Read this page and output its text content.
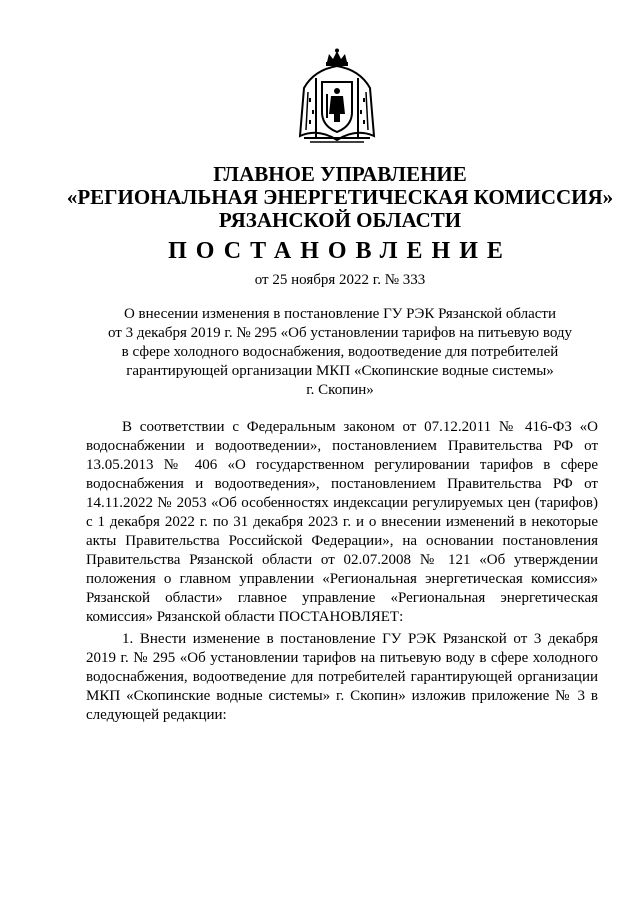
ГЛАВНОЕ УПРАВЛЕНИЕ
«РЕГИОНАЛЬНАЯ ЭНЕРГЕТИЧЕСКАЯ КОМИССИЯ»
РЯЗАНСКОЙ ОБЛАСТИ
ПОСТАНОВЛЕНИЕ
от 25 ноября 2022 г. № 333
О внесении изменения в постановление ГУ РЭК Рязанской области
от 3 декабря 2019 г. № 295 «Об установлении тарифов на питьевую воду
в сфере холодного водоснабжения, водоотведение для потребителей
гарантирующей организации МКП «Скопинские водные системы»
г. Скопин»
В соответствии с Федеральным законом от 07.12.2011 № 416-ФЗ «О водоснабжении и водоотведении», постановлением Правительства РФ от 13.05.2013 № 406 «О государственном регулировании тарифов в сфере водоснабжения и водоотведения», постановлением Правительства РФ от 14.11.2022 № 2053 «Об особенностях индексации регулируемых цен (тарифов) с 1 декабря 2022 г. по 31 декабря 2023 г. и о внесении изменений в некоторые акты Правительства Российской Федерации», на основании постановления Правительства Рязанской области от 02.07.2008 № 121 «Об утверждении положения о главном управлении «Региональная энергетическая комиссия» Рязанской области» главное управление «Региональная энергетическая комиссия» Рязанской области ПОСТАНОВЛЯЕТ:
1. Внести изменение в постановление ГУ РЭК Рязанской от 3 декабря 2019 г. № 295 «Об установлении тарифов на питьевую воду в сфере холодного водоснабжения, водоотведение для потребителей гарантирующей организации МКП «Скопинские водные системы» г. Скопин» изложив приложение № 3 в следующей редакции:
